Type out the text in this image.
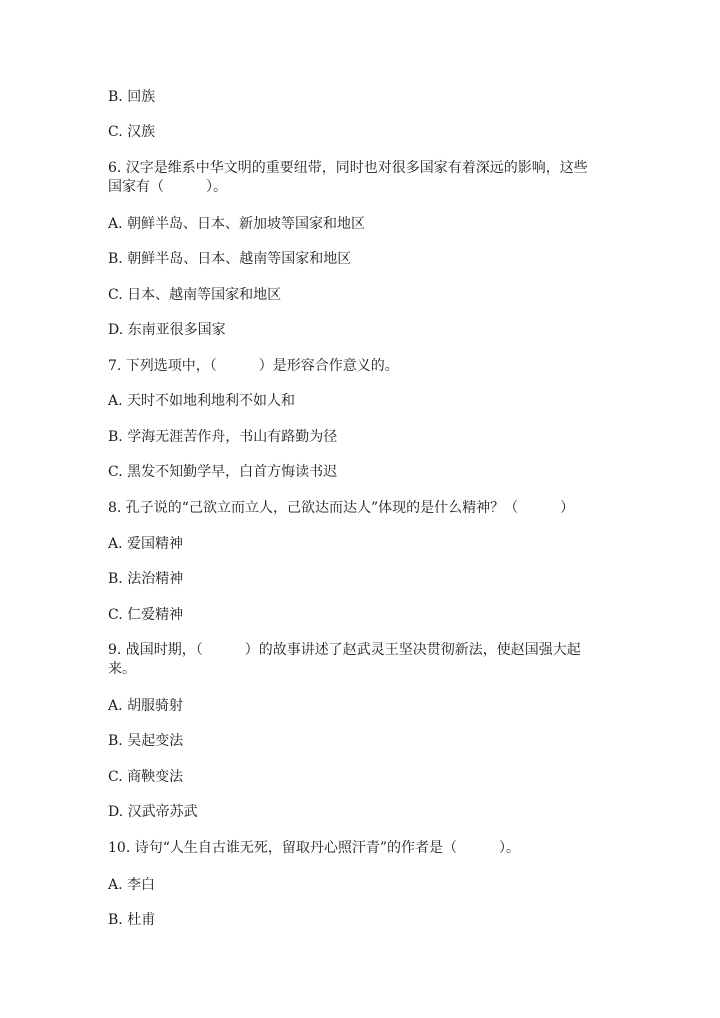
B. 回族
C. 汉族
6. 汉字是维系中华文明的重要纽带，同时也对很多国家有着深远的影响，这些
国家有（　　　）。
A. 朝鲜半岛、日本、新加坡等国家和地区
B. 朝鲜半岛、日本、越南等国家和地区
C. 日本、越南等国家和地区
D. 东南亚很多国家
7. 下列选项中，（　　　）是形容合作意义的。
A. 天时不如地利地利不如人和
B. 学海无涯苦作舟，书山有路勤为径
C. 黑发不知勤学早，白首方悔读书迟
8. 孔子说的“己欲立而立人，己欲达而达人”体现的是什么精神？（　　　）
A. 爱国精神
B. 法治精神
C. 仁爱精神
9. 战国时期，（　　　）的故事讲述了赵武灵王坚决贯彻新法，使赵国强大起
来。
A. 胡服骑射
B. 吴起变法
C. 商鞅变法
D. 汉武帝苏武
10. 诗句“人生自古谁无死，留取丹心照汗青”的作者是（　　　）。
A. 李白
B. 杜甫
